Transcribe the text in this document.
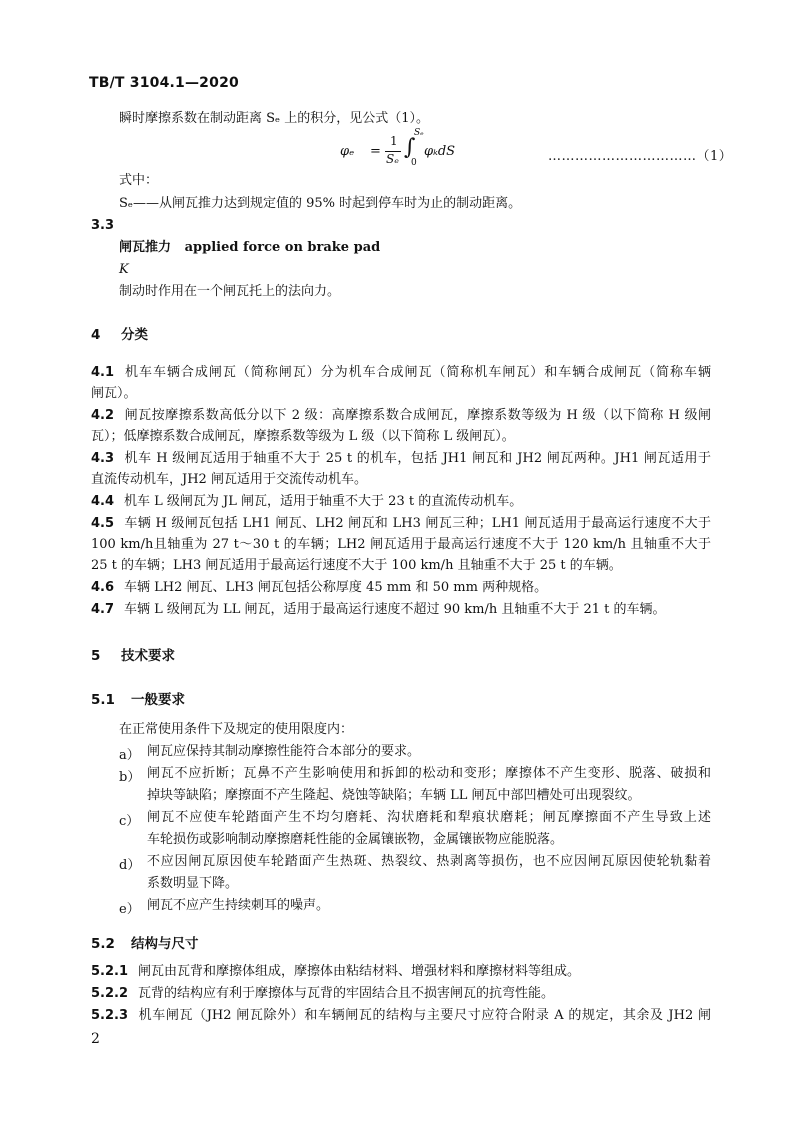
TB/T 3104.1—2020
瞬时摩擦系数在制动距离 Sₑ 上的积分，见公式（1）。
φₑ =
1
Sₑ ∫
Sₑ
0
φₖdS	……………………………（1）
式中：
Sₑ——从闸瓦推力达到规定值的 95% 时起到停车时为止的制动距离。
3.3
闸瓦推力 applied force on brake pad
K
制动时作用在一个闸瓦托上的法向力。
4 分类
4.1 机车车辆合成闸瓦（简称闸瓦）分为机车合成闸瓦（简称机车闸瓦）和车辆合成闸瓦（简称车辆
闸瓦）。
4.2 闸瓦按摩擦系数高低分以下 2 级：高摩擦系数合成闸瓦，摩擦系数等级为 H 级（以下简称 H 级闸
瓦）；低摩擦系数合成闸瓦，摩擦系数等级为 L 级（以下简称 L 级闸瓦）。
4.3 机车 H 级闸瓦适用于轴重不大于 25 t 的机车，包括 JH1 闸瓦和 JH2 闸瓦两种。JH1 闸瓦适用于
直流传动机车，JH2 闸瓦适用于交流传动机车。
4.4 机车 L 级闸瓦为 JL 闸瓦，适用于轴重不大于 23 t 的直流传动机车。
4.5 车辆 H 级闸瓦包括 LH1 闸瓦、LH2 闸瓦和 LH3 闸瓦三种；LH1 闸瓦适用于最高运行速度不大于
100 km/h且轴重为 27 t～30 t 的车辆；LH2 闸瓦适用于最高运行速度不大于 120 km/h 且轴重不大于
25 t 的车辆；LH3 闸瓦适用于最高运行速度不大于 100 km/h 且轴重不大于 25 t 的车辆。
4.6 车辆 LH2 闸瓦、LH3 闸瓦包括公称厚度 45 mm 和 50 mm 两种规格。
4.7 车辆 L 级闸瓦为 LL 闸瓦，适用于最高运行速度不超过 90 km/h 且轴重不大于 21 t 的车辆。
5 技术要求
5.1 一般要求
在正常使用条件下及规定的使用限度内：
a） 闸瓦应保持其制动摩擦性能符合本部分的要求。
b） 闸瓦不应折断；瓦鼻不产生影响使用和拆卸的松动和变形；摩擦体不产生变形、脱落、破损和
掉块等缺陷；摩擦面不产生隆起、烧蚀等缺陷；车辆 LL 闸瓦中部凹槽处可出现裂纹。
c） 闸瓦不应使车轮踏面产生不均匀磨耗、沟状磨耗和犁痕状磨耗；闸瓦摩擦面不产生导致上述
车轮损伤或影响制动摩擦磨耗性能的金属镶嵌物，金属镶嵌物应能脱落。
d） 不应因闸瓦原因使车轮踏面产生热斑、热裂纹、热剥离等损伤，也不应因闸瓦原因使轮轨黏着
系数明显下降。
e） 闸瓦不应产生持续刺耳的噪声。
5.2 结构与尺寸
5.2.1 闸瓦由瓦背和摩擦体组成，摩擦体由粘结材料、增强材料和摩擦材料等组成。
5.2.2 瓦背的结构应有利于摩擦体与瓦背的牢固结合且不损害闸瓦的抗弯性能。
5.2.3 机车闸瓦（JH2 闸瓦除外）和车辆闸瓦的结构与主要尺寸应符合附录 A 的规定，其余及 JH2 闸
2
